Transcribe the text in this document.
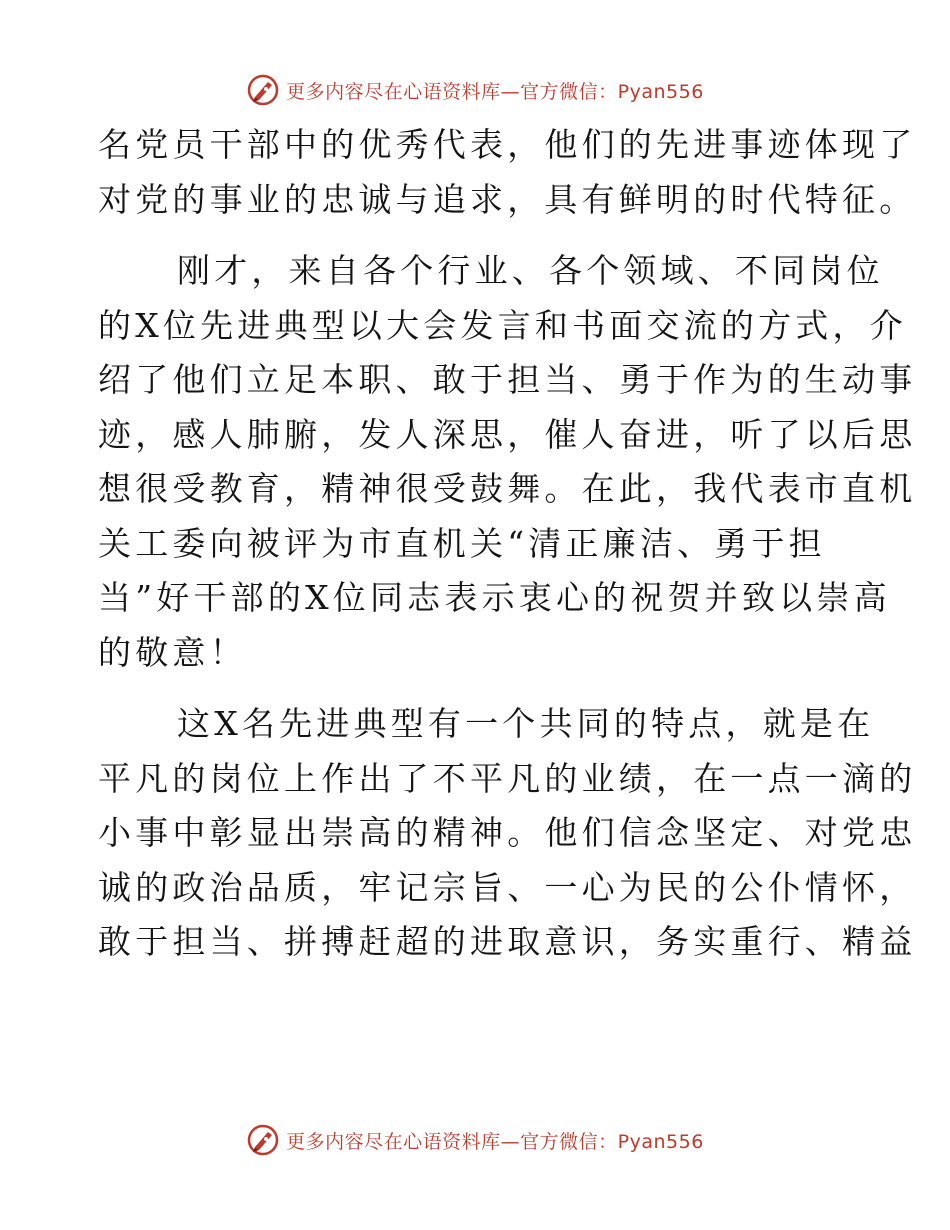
更多内容尽在心语资料库—官方微信：Pyan556
名党员干部中的优秀代表，他们的先进事迹体现了
对党的事业的忠诚与追求，具有鲜明的时代特征。
刚才，来自各个行业、各个领域、不同岗位
的X位先进典型以大会发言和书面交流的方式，介
绍了他们立足本职、敢于担当、勇于作为的生动事
迹，感人肺腑，发人深思，催人奋进，听了以后思
想很受教育，精神很受鼓舞。在此，我代表市直机
关工委向被评为市直机关“清正廉洁、勇于担
当”好干部的X位同志表示衷心的祝贺并致以崇高
的敬意！
这X名先进典型有一个共同的特点，就是在
平凡的岗位上作出了不平凡的业绩，在一点一滴的
小事中彰显出崇高的精神。他们信念坚定、对党忠
诚的政治品质，牢记宗旨、一心为民的公仆情怀，
敢于担当、拼搏赶超的进取意识，务实重行、精益
更多内容尽在心语资料库—官方微信：Pyan556
